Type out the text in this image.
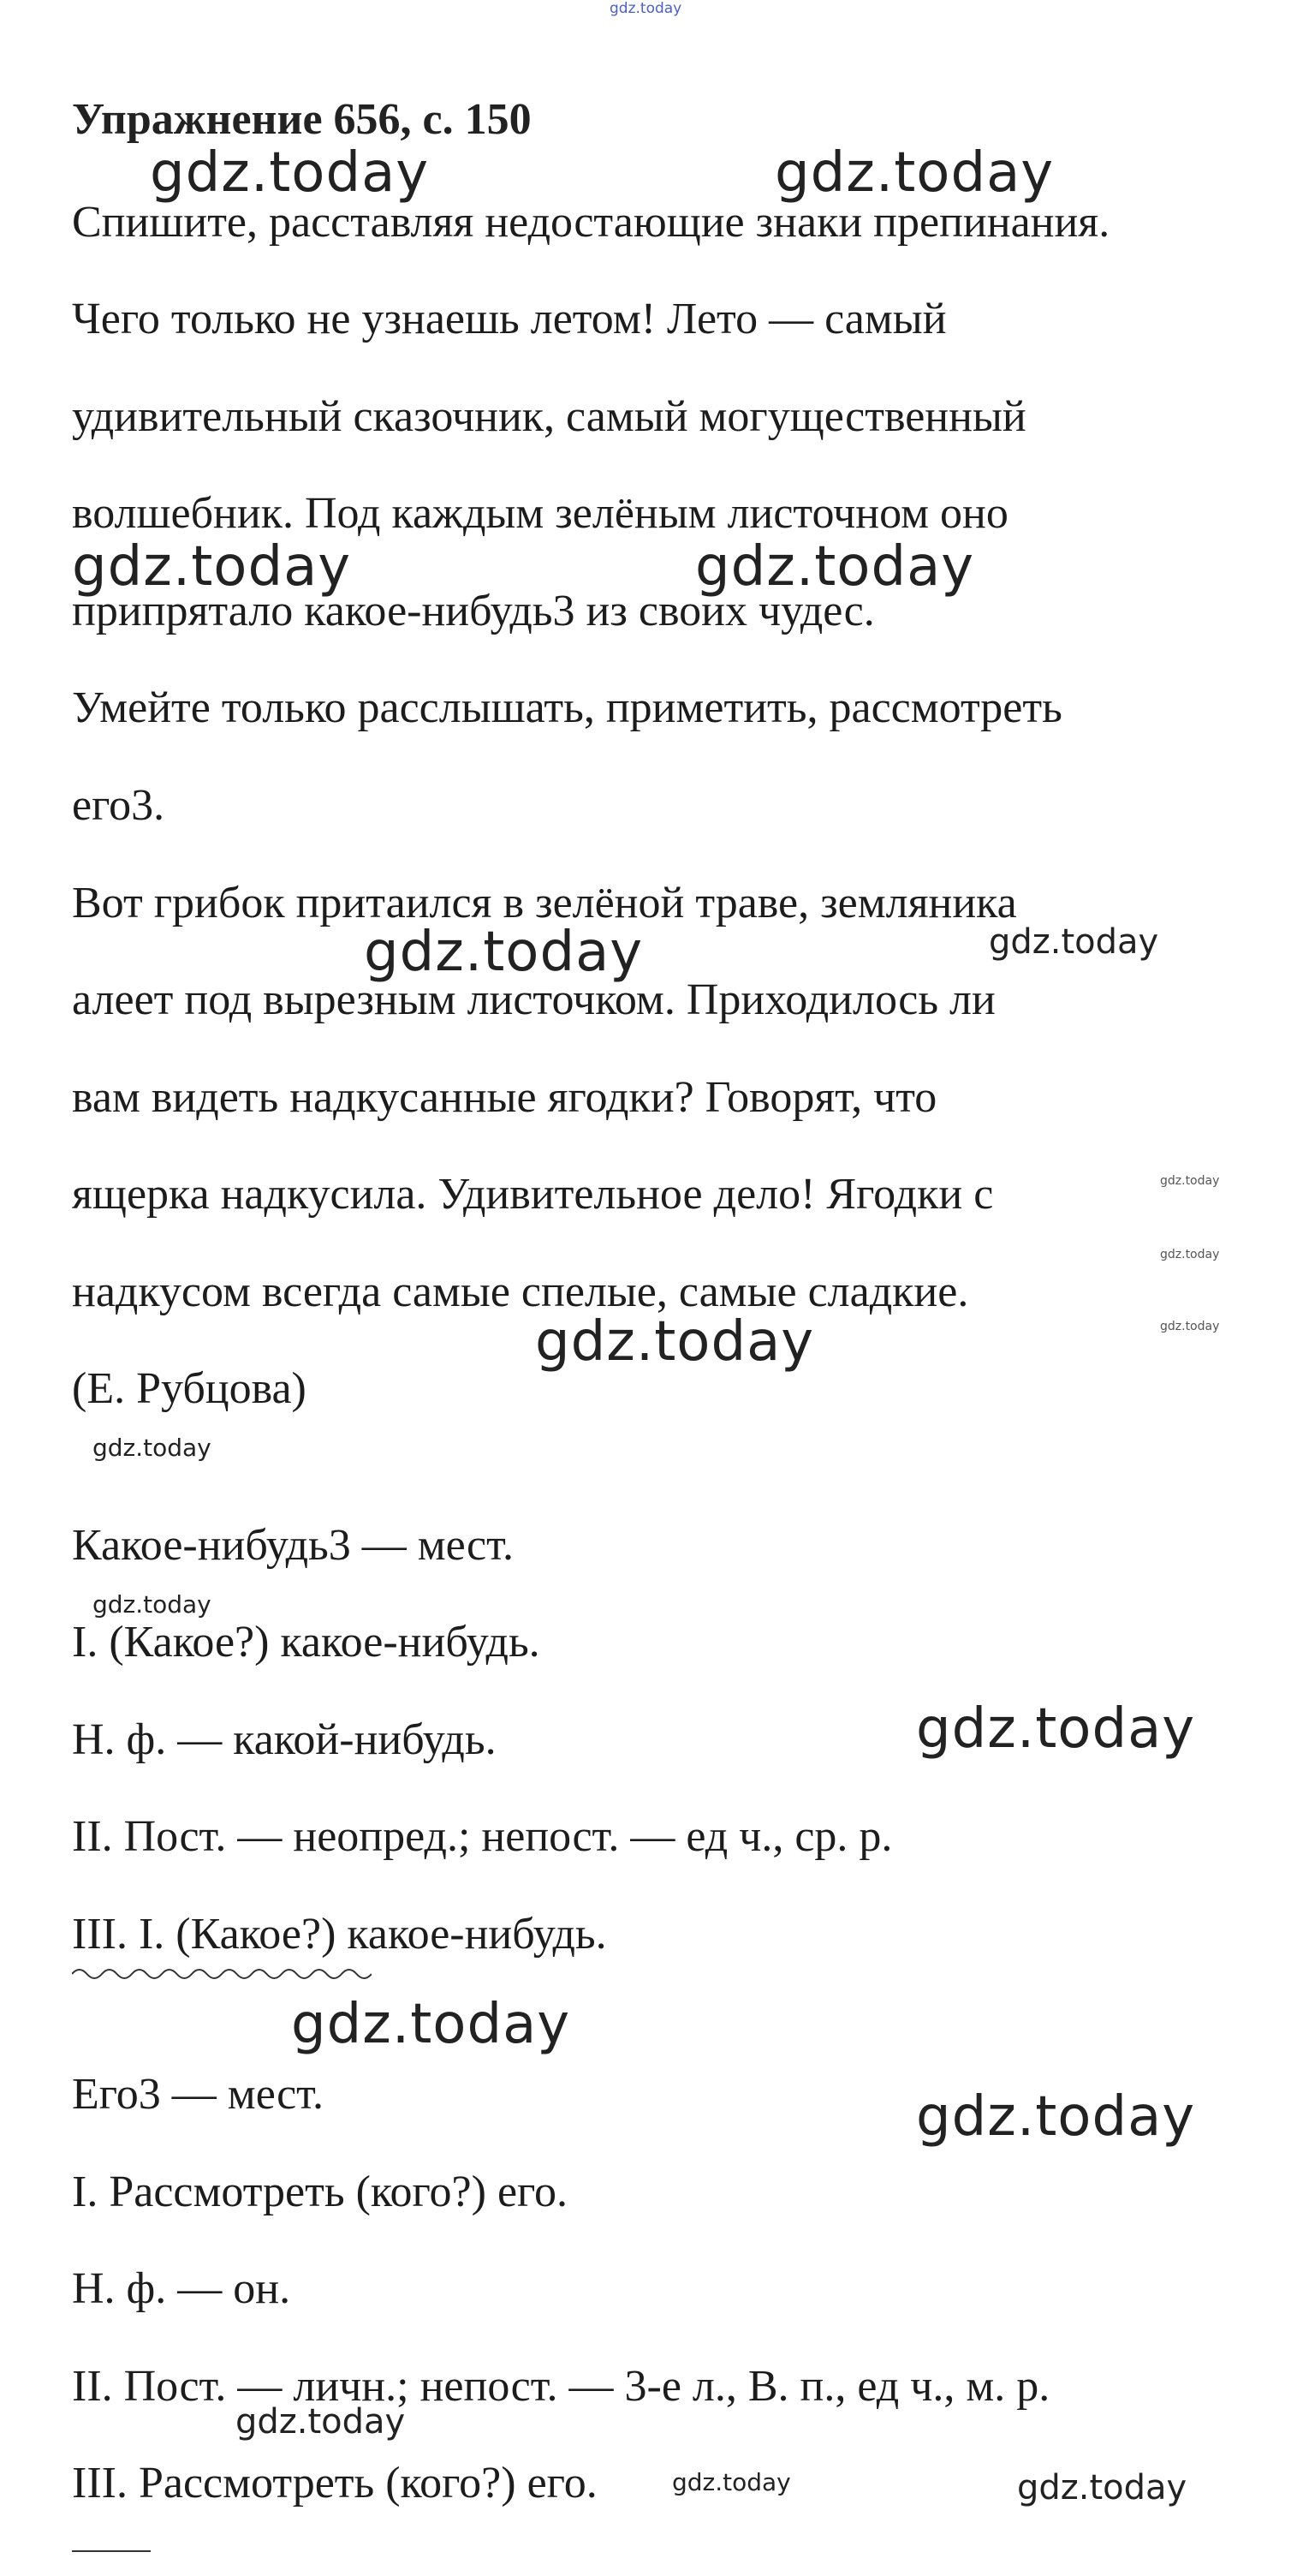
gdz.today
Упражнение 656, с. 150
Спишите, расставляя недостающие знаки препинания.
Чего только не узнаешь летом! Лето — самый
удивительный сказочник, самый могущественный
волшебник. Под каждым зелёным листочном оно
припрятало какое-нибудь3 из своих чудес.
Умейте только расслышать, приметить, рассмотреть
его3.
Вот грибок притаился в зелёной траве, земляника
алеет под вырезным листочком. Приходилось ли
вам видеть надкусанные ягодки? Говорят, что
ящерка надкусила. Удивительное дело! Ягодки с
надкусом всегда самые спелые, самые сладкие.
(Е. Рубцова)
Какое-нибудь3 — мест.
I. (Какое?) какое-нибудь.
Н. ф. — какой-нибудь.
II. Пост. — неопред.; непост. — ед ч., ср. р.
III. I. (Какое?) какое-нибудь.
Его3 — мест.
I. Рассмотреть (кого?) его.
Н. ф. — он.
II. Пост. — личн.; непост. — 3-е л., В. п., ед ч., м. р.
III. Рассмотреть (кого?) его.
gdz.today	gdz.today
gdz.today	gdz.today
gdz.today	gdz.today
gdz.today
gdz.today
gdz.today
gdz.today
gdz.today
gdz.today
gdz.today
gdz.today
gdz.today
gdz.today
gdz.today	gdz.today
